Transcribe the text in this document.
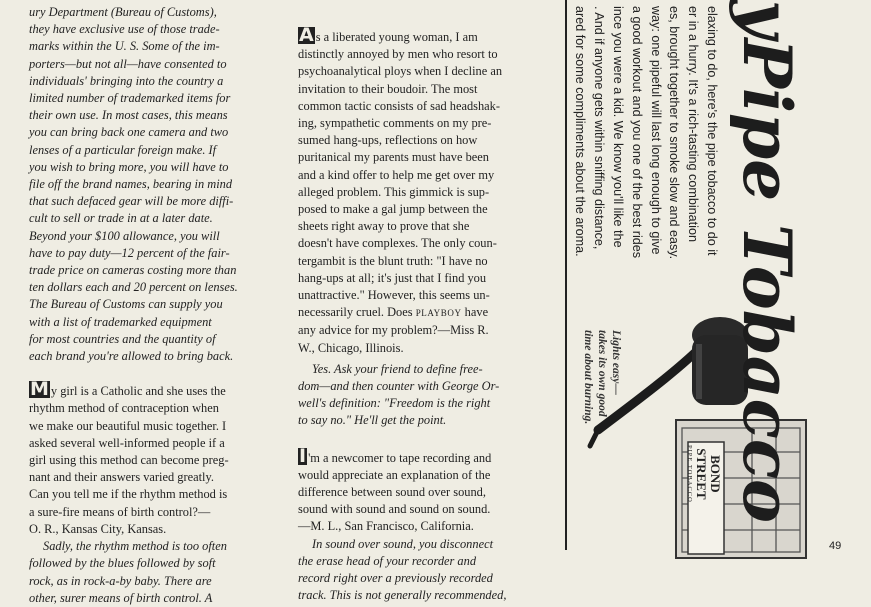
ury Department (Bureau of Customs),

they have exclusive use of those trade-

marks within the U. S. Some of the im-

porters—but not all—have consented to

individuals' bringing into the country a

limited number of trademarked items for

their own use. In most cases, this means

you can bring back one camera and two

lenses of a particular foreign make. If

you wish to bring more, you will have to

file off the brand names, bearing in mind

that such defaced gear will be more diffi-

cult to sell or trade in at a later date.

Beyond your $100 allowance, you will

have to pay duty—12 percent of the fair-

trade price on cameras costing more than

ten dollars each and 20 percent on lenses.

The Bureau of Customs can supply you

with a list of trademarked equipment

for most countries and the quantity of

each brand you're allowed to bring back.

M y girl is a Catholic and she uses the

rhythm method of contraception when

we make our beautiful music together. I

asked several well-informed people if a

girl using this method can become preg-

nant and their answers varied greatly.

Can you tell me if the rhythm method is

a sure-fire means of birth control?—

O. R., Kansas City, Kansas.

Sadly, the rhythm method is too often

followed by the blues followed by soft

rock, as in rock-a-by baby. There are

other, surer means of birth control. A

A s a liberated young woman, I am

distinctly annoyed by men who resort to

psychoanalytical ploys when I decline an

invitation to their boudoir. The most

common tactic consists of sad headshak-

ing, sympathetic comments on my pre-

sumed hang-ups, reflections on how

puritanical my parents must have been

and a kind offer to help me get over my

alleged problem. This gimmick is sup-

posed to make a gal jump between the

sheets right away to prove that she

doesn't have complexes. The only coun-

tergambit is the blunt truth: "I have no

hang-ups at all; it's just that I find you

unattractive." However, this seems un-

necessarily cruel. Does PLAYBOY have

any advice for my problem?—Miss R.

W., Chicago, Illinois.

Yes. Ask your friend to define free-

dom—and then counter with George Or-

well's definition: "Freedom is the right

to say no." He'll get the point.

I 'm a newcomer to tape recording and

would appreciate an explanation of the

difference between sound over sound,

sound with sound and sound on sound.

—M. L., San Francisco, California.

In sound over sound, you disconnect

the erase head of your recorder and

record right over a previously recorded

track. This is not generally recommended,

yPipe Tobacco
elaxing to do, here's the pipe tobacco to do it
er in a hurry. It's a rich-tasting combination
es, brought together to smoke slow and easy.
way: one pipeful will last long enough to give
a good workout and you one of the best rides
ince you were a kid. We know you'll like the
. And if anyone gets within sniffing distance,
ared for some compliments about the aroma.
Lights easy—
takes its own good
time about burning.
BOND
STREET
PIPE TOBACCO
49
